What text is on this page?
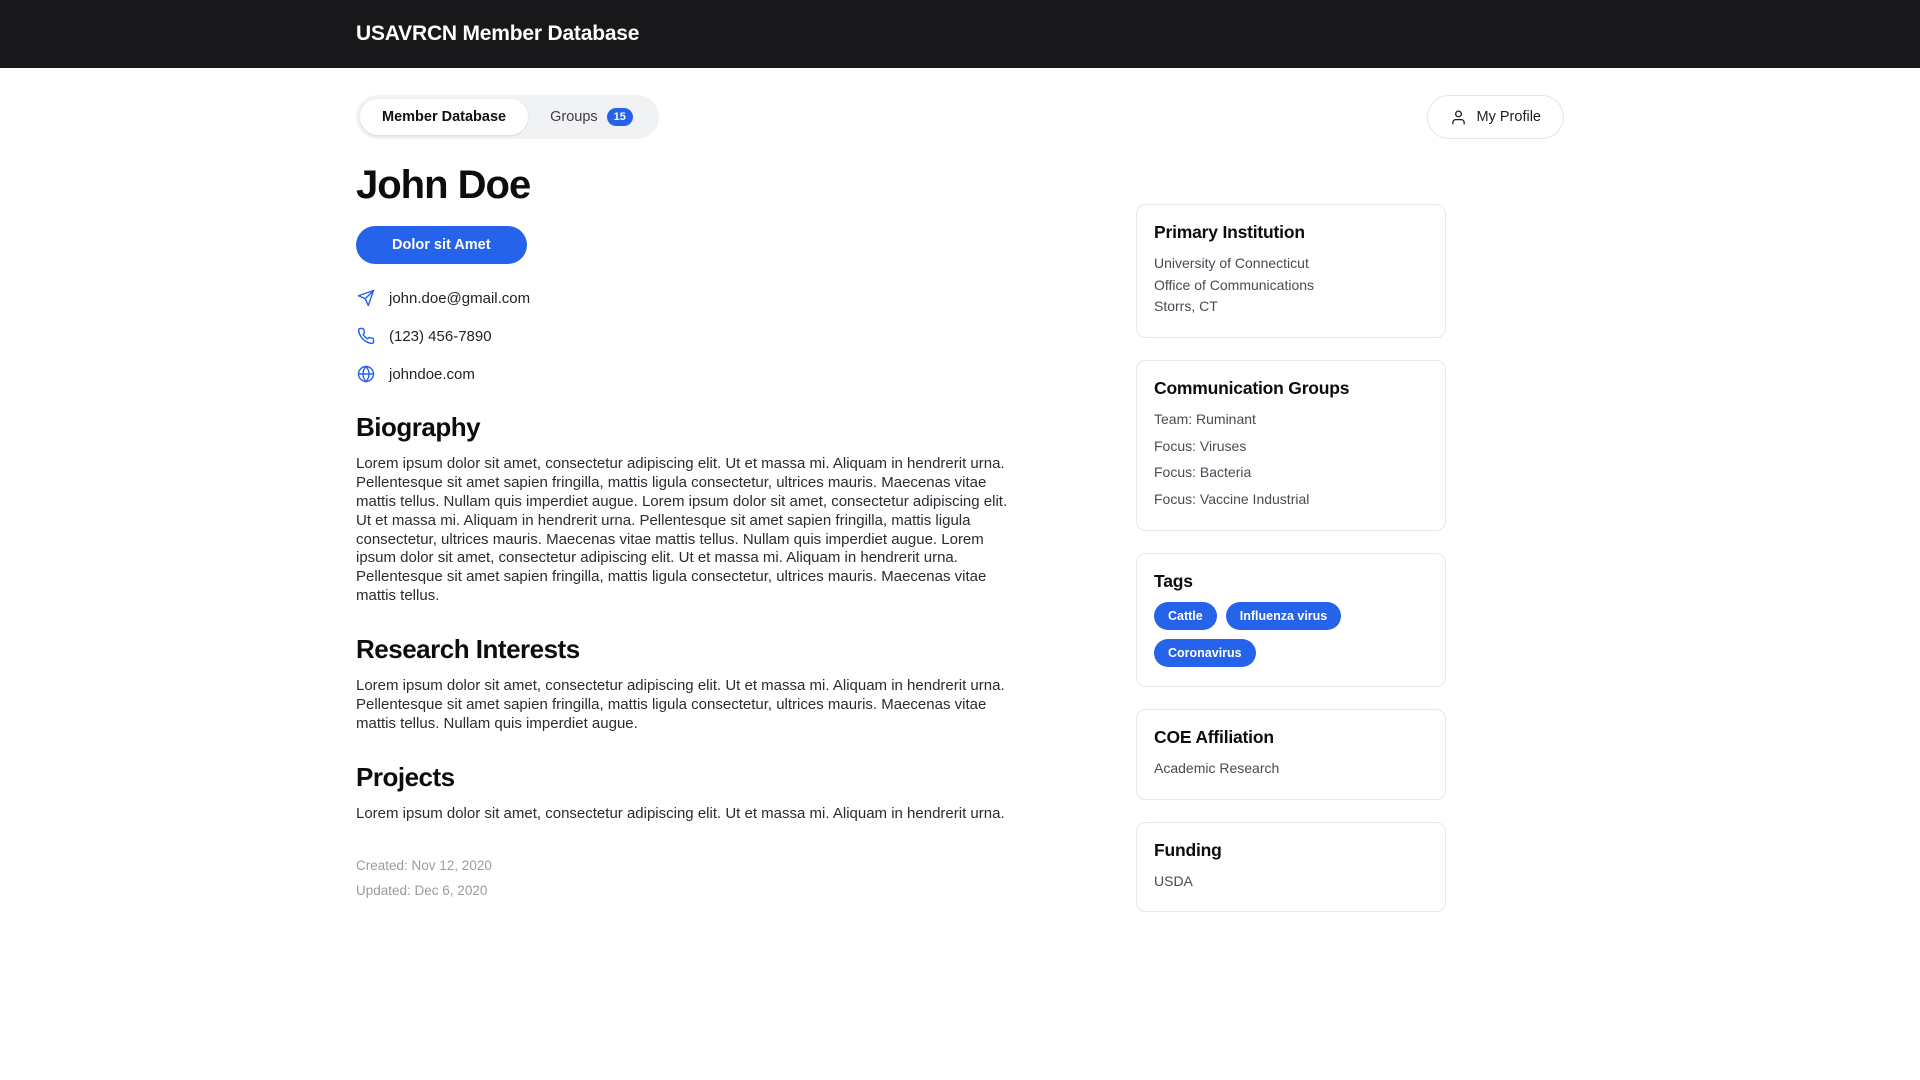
USAVRCN Member Database
Member Database	Groups	15	My Profile
John Doe
Dolor sit Amet
john.doe@gmail.com
(123) 456-7890
johndoe.com
Biography

Lorem ipsum dolor sit amet, consectetur adipiscing elit. Ut et massa mi. Aliquam in hendrerit urna. Pellentesque sit amet sapien fringilla, mattis ligula consectetur, ultrices mauris. Maecenas vitae mattis tellus. Nullam quis imperdiet augue. Lorem ipsum dolor sit amet, consectetur adipiscing elit. Ut et massa mi. Aliquam in hendrerit urna. Pellentesque sit amet sapien fringilla, mattis ligula consectetur, ultrices mauris. Maecenas vitae mattis tellus. Nullam quis imperdiet augue. Lorem ipsum dolor sit amet, consectetur adipiscing elit. Ut et massa mi. Aliquam in hendrerit urna. Pellentesque sit amet sapien fringilla, mattis ligula consectetur, ultrices mauris. Maecenas vitae mattis tellus.

Research Interests

Lorem ipsum dolor sit amet, consectetur adipiscing elit. Ut et massa mi. Aliquam in hendrerit urna. Pellentesque sit amet sapien fringilla, mattis ligula consectetur, ultrices mauris. Maecenas vitae mattis tellus. Nullam quis imperdiet augue.

Projects

Lorem ipsum dolor sit amet, consectetur adipiscing elit. Ut et massa mi. Aliquam in hendrerit urna.

Created: Nov 12, 2020
Updated: Dec 6, 2020
Primary Institution
University of Connecticut
Office of Communications
Storrs, CT
Communication Groups
Team: Ruminant
Focus: Viruses
Focus: Bacteria
Focus: Vaccine Industrial
Tags
Cattle	Influenza virus
Coronavirus
COE Affiliation
Academic Research
Funding
USDA
